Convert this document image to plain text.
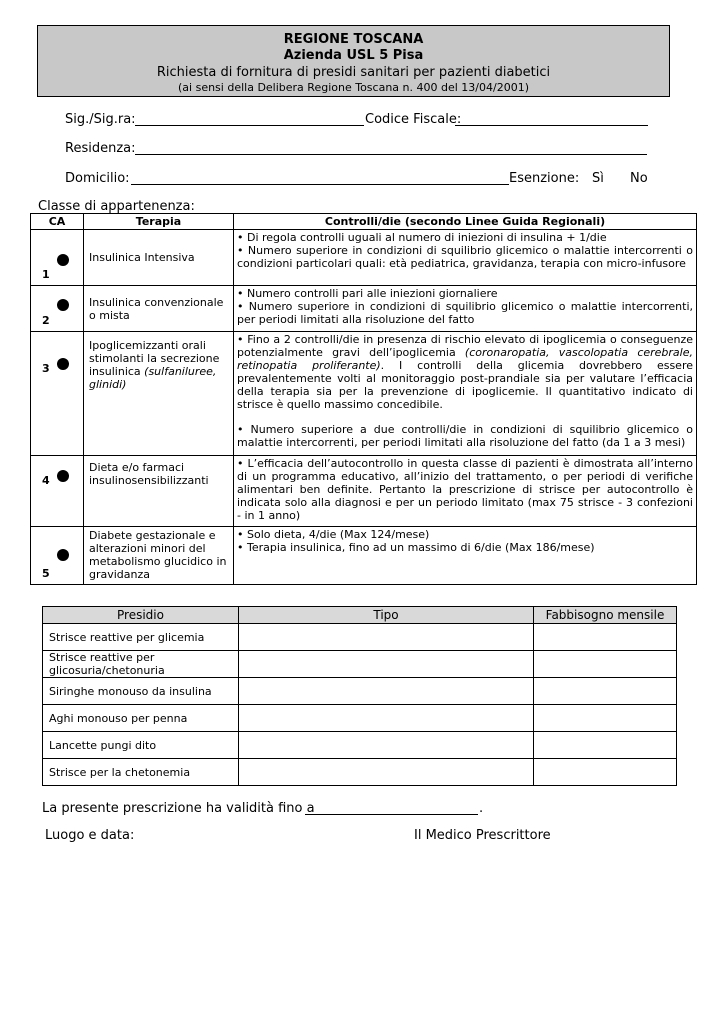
REGIONE TOSCANA
Azienda USL 5 Pisa
Richiesta di fornitura di presidi sanitari per pazienti diabetici
(ai sensi della Delibera Regione Toscana n. 400 del 13/04/2001)
Sig./Sig.ra:	Codice Fiscale:
Residenza:
Domicilio:	Esenzione: Sì No
Classe di appartenenza:
CA	Terapia	Controlli/die (secondo Linee Guida Regionali)

1	Insulinica Intensiva	• Di regola controlli uguali al numero di iniezioni di insulina + 1/die

• Numero superiore in condizioni di squilibrio glicemico o malattie intercorrenti o condizioni particolari quali: età pediatrica, gravidanza, terapia con micro-infusore

2	Insulinica convenzionale o mista	• Numero controlli pari alle iniezioni giornaliere

• Numero superiore in condizioni di squilibrio glicemico o malattie intercorrenti, per periodi limitati alla risoluzione del fatto

3	Ipoglicemizzanti orali stimolanti la secrezione insulinica (sulfaniluree, glinidi)	• Fino a 2 controlli/die in presenza di rischio elevato di ipoglicemia o conseguenze potenzialmente gravi dell’ipoglicemia (coronaropatia, vascolopatia cerebrale, retinopatia proliferante). I controlli della glicemia dovrebbero essere prevalentemente volti al monitoraggio post-prandiale sia per valutare l’efficacia della terapia sia per la prevenzione di ipoglicemie. Il quantitativo indicato di strisce è quello massimo concedibile.

• Numero superiore a due controlli/die in condizioni di squilibrio glicemico o malattie intercorrenti, per periodi limitati alla risoluzione del fatto (da 1 a 3 mesi)

4	Dieta e/o farmaci insulinosensibilizzanti	• L’efficacia dell’autocontrollo in questa classe di pazienti è dimostrata all’interno di un programma educativo, all’inizio del trattamento, o per periodi di verifiche alimentari ben definite. Pertanto la prescrizione di strisce per autocontrollo è indicata solo alla diagnosi e per un periodo limitato (max 75 strisce - 3 confezioni - in 1 anno)

5	Diabete gestazionale e alterazioni minori del metabolismo glucidico in gravidanza	• Solo dieta, 4/die (Max 124/mese)

• Terapia insulinica, fino ad un massimo di 6/die (Max 186/mese)

Presidio	Tipo	Fabbisogno mensile
Strisce reattive per glicemia		
Strisce reattive per glicosuria/chetonuria		
Siringhe monouso da insulina		
Aghi monouso per penna		
Lancette pungi dito		
Strisce per la chetonemia		
La presente prescrizione ha validità fino a	.
Luogo e data:	Il Medico Prescrittore
